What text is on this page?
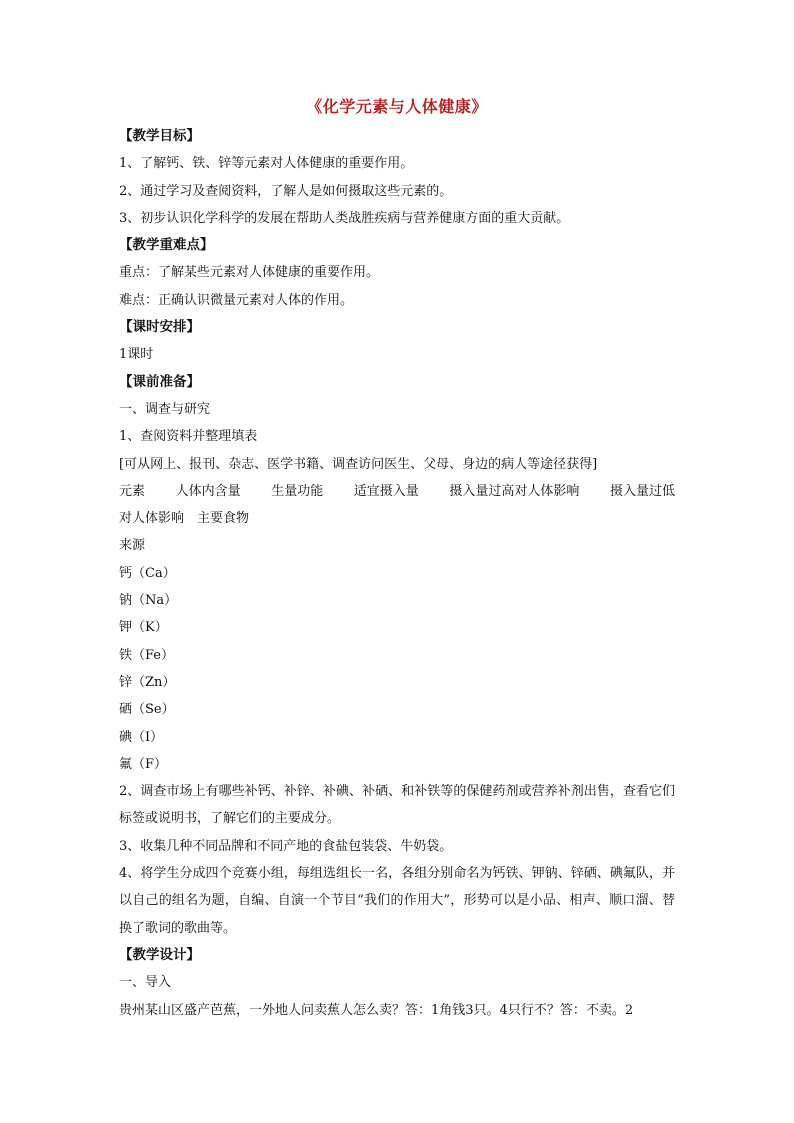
《化学元素与人体健康》
【教学目标】
1、了解钙、铁、锌等元素对人体健康的重要作用。
2、通过学习及查阅资料，了解人是如何摄取这些元素的。
3、初步认识化学科学的发展在帮助人类战胜疾病与营养健康方面的重大贡献。
【教学重难点】
重点：了解某些元素对人体健康的重要作用。
难点：正确认识微量元素对人体的作用。
【课时安排】
1课时
【课前准备】
一、调查与研究
1、查阅资料并整理填表
[可从网上、报刊、杂志、医学书籍、调查访问医生、父母、身边的病人等途径获得]
元素 人体内含量 生量功能 适宜摄入量 摄入量过高对人体影响 摄入量过低
对人体影响　主要食物
来源
钙（Ca）
钠（Na）
钾（K）
铁（Fe）
锌（Zn）
硒（Se）
碘（I）
氟（F）
2、调查市场上有哪些补钙、补锌、补碘、补硒、和补铁等的保健药剂或营养补剂出售，查看它们标签或说明书，了解它们的主要成分。
3、收集几种不同品牌和不同产地的食盐包装袋、牛奶袋。
4、将学生分成四个竞赛小组，每组选组长一名，各组分别命名为钙铁、钾钠、锌硒、碘氟队，并以自己的组名为题，自编、自演一个节目“我们的作用大”，形势可以是小品、相声、顺口溜、替换了歌词的歌曲等。
【教学设计】
一、导入
贵州某山区盛产芭蕉，一外地人问卖蕉人怎么卖？答：1角钱3只。4只行不？答：不卖。2
